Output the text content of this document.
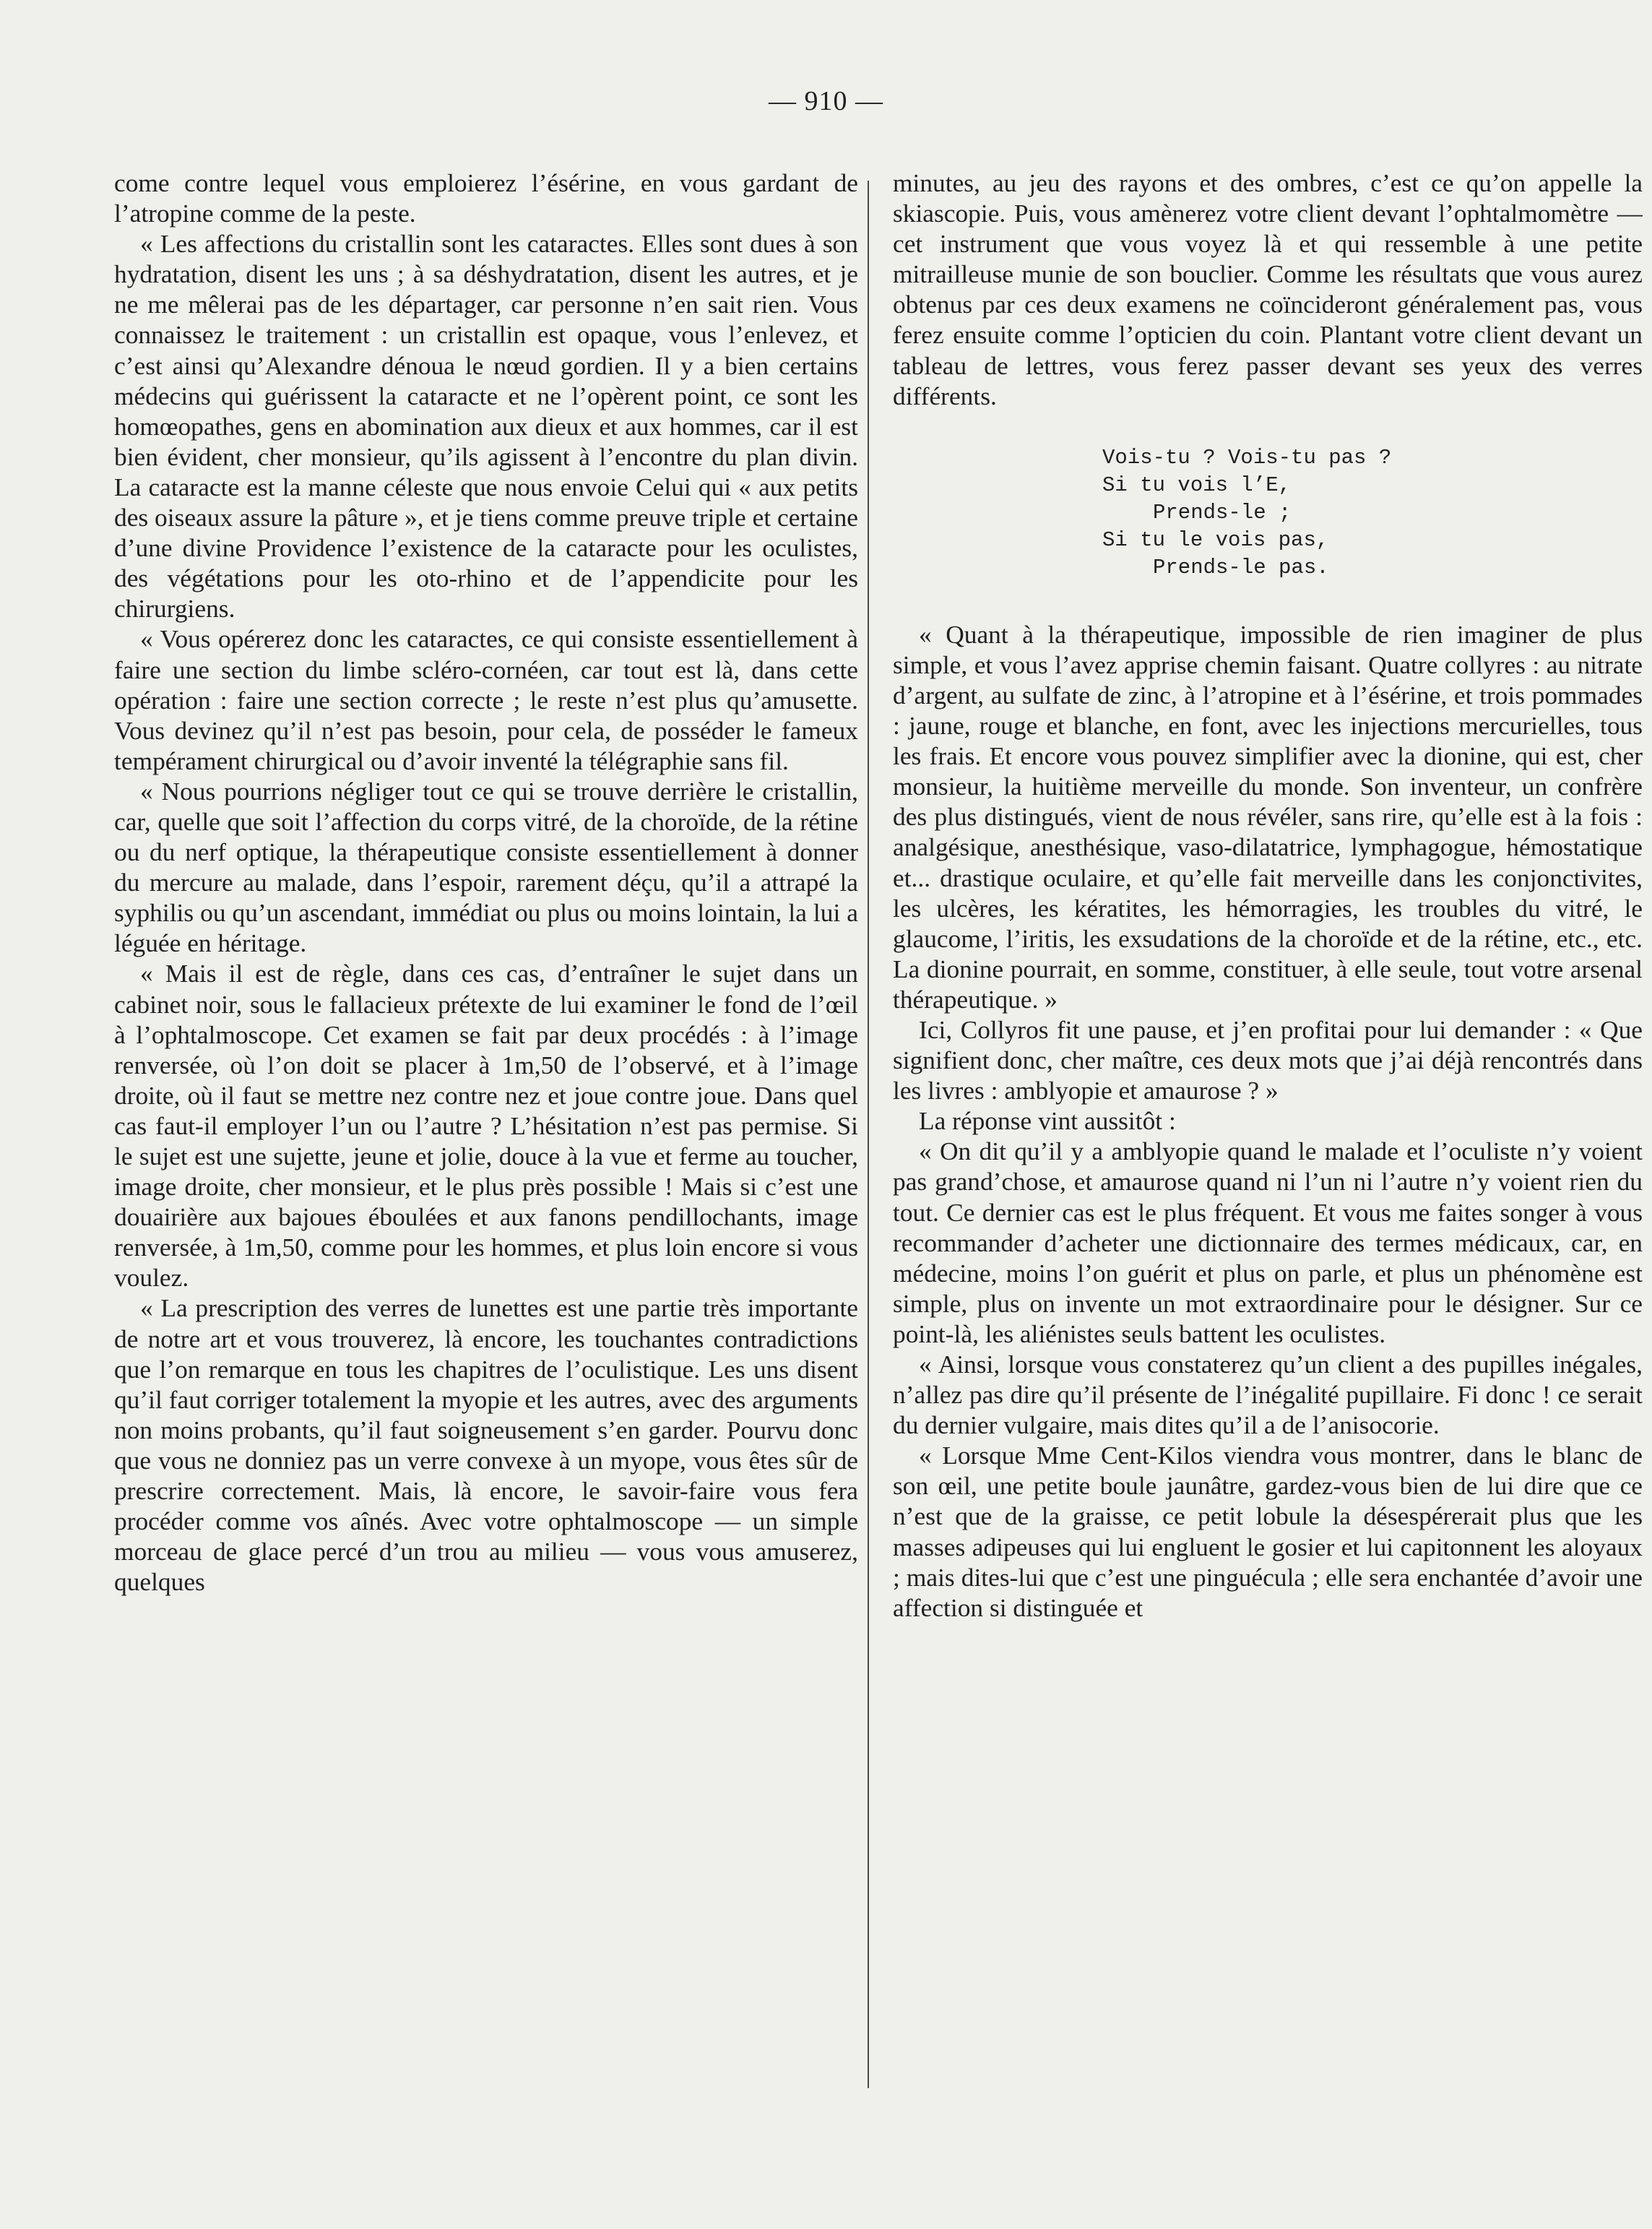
— 910 —

come contre lequel vous emploierez l’ésérine, en vous gardant de l’atropine comme de la peste.

« Les affections du cristallin sont les cataractes. Elles sont dues à son hydratation, disent les uns ; à sa déshydratation, disent les autres, et je ne me mêlerai pas de les départager, car personne n’en sait rien. Vous connaissez le traitement : un cristallin est opaque, vous l’enlevez, et c’est ainsi qu’Alexandre dénoua le nœud gordien. Il y a bien certains médecins qui guérissent la cataracte et ne l’opèrent point, ce sont les homœopathes, gens en abomination aux dieux et aux hommes, car il est bien évident, cher monsieur, qu’ils agissent à l’encontre du plan divin. La cataracte est la manne céleste que nous envoie Celui qui « aux petits des oiseaux assure la pâture », et je tiens comme preuve triple et certaine d’une divine Providence l’existence de la cataracte pour les oculistes, des végétations pour les oto-rhino et de l’appendicite pour les chirurgiens.

« Vous opérerez donc les cataractes, ce qui consiste essentiellement à faire une section du limbe scléro-cornéen, car tout est là, dans cette opération : faire une section correcte ; le reste n’est plus qu’amusette. Vous devinez qu’il n’est pas besoin, pour cela, de posséder le fameux tempérament chirurgical ou d’avoir inventé la télégraphie sans fil.

« Nous pourrions négliger tout ce qui se trouve derrière le cristallin, car, quelle que soit l’affection du corps vitré, de la choroïde, de la rétine ou du nerf optique, la thérapeutique consiste essentiellement à donner du mercure au malade, dans l’espoir, rarement déçu, qu’il a attrapé la syphilis ou qu’un ascendant, immédiat ou plus ou moins lointain, la lui a léguée en héritage.

« Mais il est de règle, dans ces cas, d’entraîner le sujet dans un cabinet noir, sous le fallacieux prétexte de lui examiner le fond de l’œil à l’ophtalmoscope. Cet examen se fait par deux procédés : à l’image renversée, où l’on doit se placer à 1m,50 de l’observé, et à l’image droite, où il faut se mettre nez contre nez et joue contre joue. Dans quel cas faut-il employer l’un ou l’autre ? L’hésitation n’est pas permise. Si le sujet est une sujette, jeune et jolie, douce à la vue et ferme au toucher, image droite, cher monsieur, et le plus près possible ! Mais si c’est une douairière aux bajoues éboulées et aux fanons pendillochants, image renversée, à 1m,50, comme pour les hommes, et plus loin encore si vous voulez.

« La prescription des verres de lunettes est une partie très importante de notre art et vous trouverez, là encore, les touchantes contradictions que l’on remarque en tous les chapitres de l’oculistique. Les uns disent qu’il faut corriger totalement la myopie et les autres, avec des arguments non moins probants, qu’il faut soigneusement s’en garder. Pourvu donc que vous ne donniez pas un verre convexe à un myope, vous êtes sûr de prescrire correctement. Mais, là encore, le savoir-faire vous fera procéder comme vos aînés. Avec votre ophtalmoscope — un simple morceau de glace percé d’un trou au milieu — vous vous amuserez, quelques

minutes, au jeu des rayons et des ombres, c’est ce qu’on appelle la skiascopie. Puis, vous amènerez votre client devant l’ophtalmomètre — cet instrument que vous voyez là et qui ressemble à une petite mitrailleuse munie de son bouclier. Comme les résultats que vous aurez obtenus par ces deux examens ne coïncideront généralement pas, vous ferez ensuite comme l’opticien du coin. Plantant votre client devant un tableau de lettres, vous ferez passer devant ses yeux des verres différents.

Vois-tu ? Vois-tu pas ?
Si tu vois l’E,
Prends-le ;
Si tu le vois pas,
Prends-le pas.

« Quant à la thérapeutique, impossible de rien imaginer de plus simple, et vous l’avez apprise chemin faisant. Quatre collyres : au nitrate d’argent, au sulfate de zinc, à l’atropine et à l’ésérine, et trois pommades : jaune, rouge et blanche, en font, avec les injections mercurielles, tous les frais. Et encore vous pouvez simplifier avec la dionine, qui est, cher monsieur, la huitième merveille du monde. Son inventeur, un confrère des plus distingués, vient de nous révéler, sans rire, qu’elle est à la fois : analgésique, anesthésique, vaso-dilatatrice, lymphagogue, hémostatique et... drastique oculaire, et qu’elle fait merveille dans les conjonctivites, les ulcères, les kératites, les hémorragies, les troubles du vitré, le glaucome, l’iritis, les exsudations de la choroïde et de la rétine, etc., etc. La dionine pourrait, en somme, constituer, à elle seule, tout votre arsenal thérapeutique. »

Ici, Collyros fit une pause, et j’en profitai pour lui demander : « Que signifient donc, cher maître, ces deux mots que j’ai déjà rencontrés dans les livres : amblyopie et amaurose ? »

La réponse vint aussitôt :

« On dit qu’il y a amblyopie quand le malade et l’oculiste n’y voient pas grand’chose, et amaurose quand ni l’un ni l’autre n’y voient rien du tout. Ce dernier cas est le plus fréquent. Et vous me faites songer à vous recommander d’acheter une dictionnaire des termes médicaux, car, en médecine, moins l’on guérit et plus on parle, et plus un phénomène est simple, plus on invente un mot extraordinaire pour le désigner. Sur ce point-là, les aliénistes seuls battent les oculistes.

« Ainsi, lorsque vous constaterez qu’un client a des pupilles inégales, n’allez pas dire qu’il présente de l’inégalité pupillaire. Fi donc ! ce serait du dernier vulgaire, mais dites qu’il a de l’anisocorie.

« Lorsque Mme Cent-Kilos viendra vous montrer, dans le blanc de son œil, une petite boule jaunâtre, gardez-vous bien de lui dire que ce n’est que de la graisse, ce petit lobule la désespérerait plus que les masses adipeuses qui lui engluent le gosier et lui capitonnent les aloyaux ; mais dites-lui que c’est une pinguécula ; elle sera enchantée d’avoir une affection si distinguée et
